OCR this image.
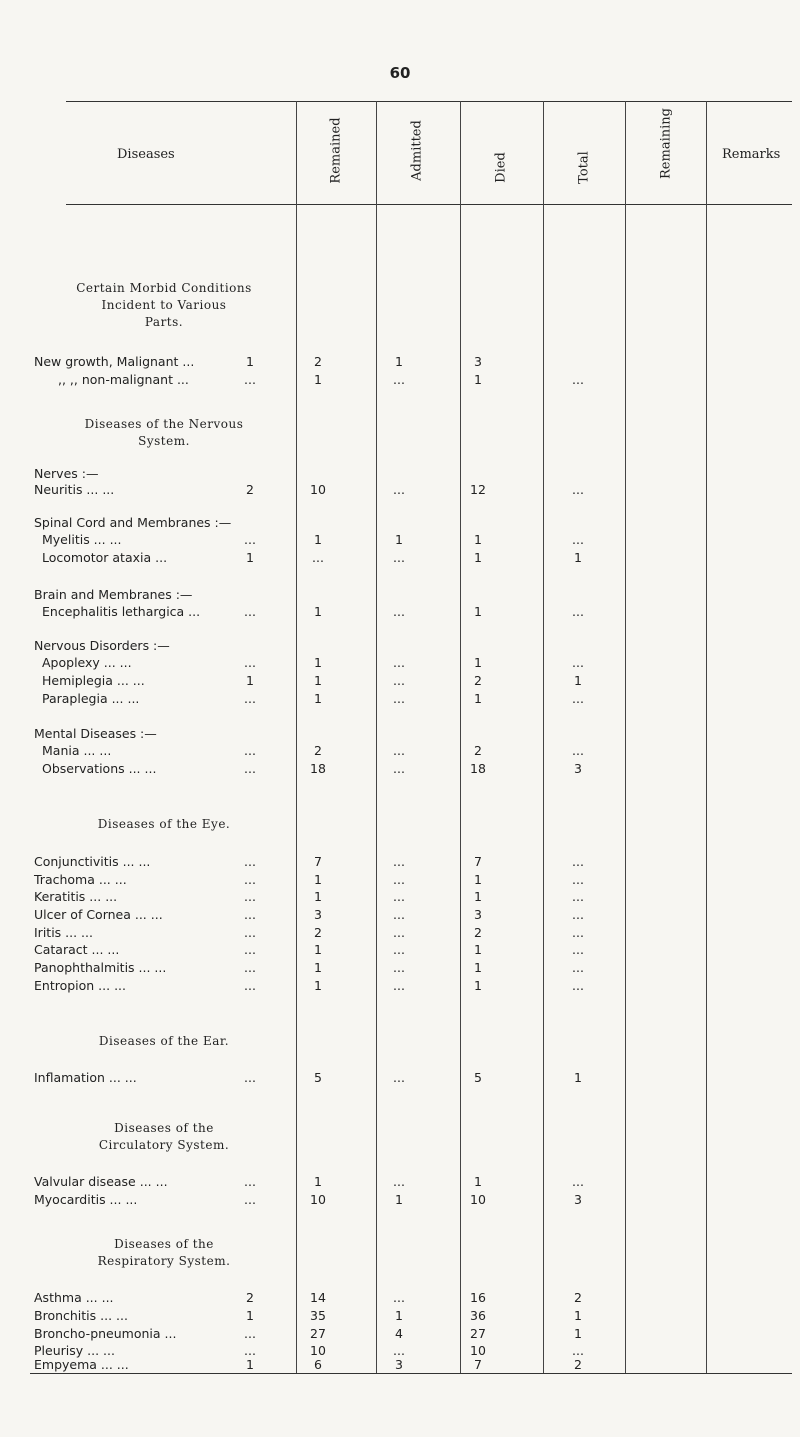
60
Diseases	Remained	Admitted	Died	Total	Remaining	Remarks
Certain Morbid Conditions
Incident to Various
Parts.
New growth, Malignant ...	1	2	1	3
,, ,, non-malignant ...	...	1	...	1	...
Diseases of the Nervous
System.
Nerves :—
Neuritis ... ...	2	10	...	12	...
Spinal Cord and Membranes :—
Myelitis ... ...	...	1	1	1	...
Locomotor ataxia ...	1	...	...	1	1
Brain and Membranes :—
Encephalitis lethargica ...	...	1	...	1	...
Nervous Disorders :—
Apoplexy ... ...	...	1	...	1	...
Hemiplegia ... ...	1	1	...	2	1
Paraplegia ... ...	...	1	...	1	...
Mental Diseases :—
Mania ... ...	...	2	...	2	...
Observations ... ...	...	18	...	18	3
Diseases of the Eye.
Conjunctivitis ... ...	...	7	...	7	...
Trachoma ... ...	...	1	...	1	...
Keratitis ... ...	...	1	...	1	...
Ulcer of Cornea ... ...	...	3	...	3	...
Iritis ... ...	...	2	...	2	...
Cataract ... ...	...	1	...	1	...
Panophthalmitis ... ...	...	1	...	1	...
Entropion ... ...	...	1	...	1	...
Diseases of the Ear.
Inflamation ... ...	...	5	...	5	1
Diseases of the
Circulatory System.
Valvular disease ... ...	...	1	...	1	...
Myocarditis ... ...	...	10	1	10	3
Diseases of the
Respiratory System.
Asthma ... ...	2	14	...	16	2
Bronchitis ... ...	1	35	1	36	1
Broncho-pneumonia ...	...	27	4	27	1
Pleurisy ... ...	...	10	...	10	...
Empyema ... ...	1	6	3	7	2
